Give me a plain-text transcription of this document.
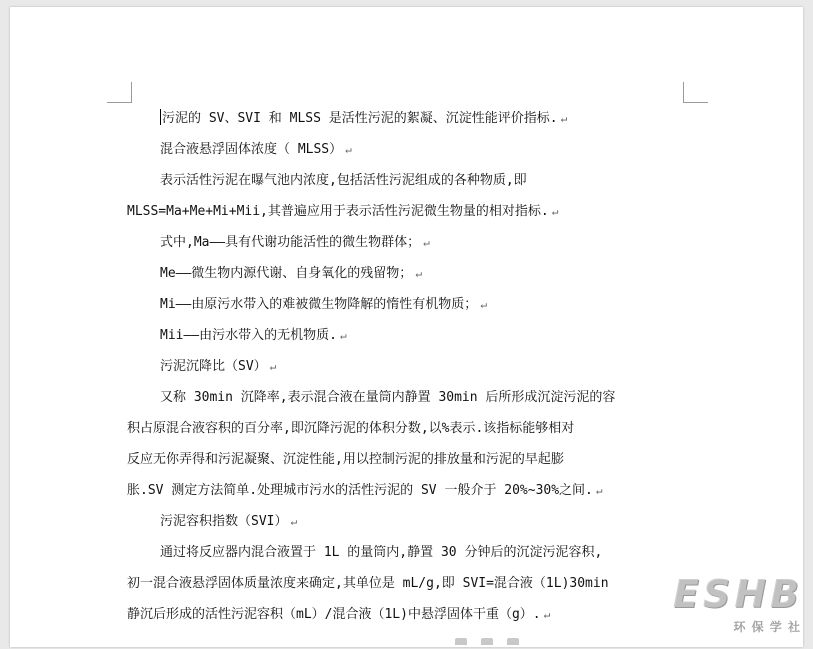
污泥的 SV、SVI 和 MLSS 是活性污泥的絮凝、沉淀性能评价指标. ↵
混合液悬浮固体浓度（ MLSS） ↵
表示活性污泥在曝气池内浓度,包括活性污泥组成的各种物质,即
MLSS=Ma+Me+Mi+Mii,其普遍应用于表示活性污泥微生物量的相对指标. ↵
式中,Ma——具有代谢功能活性的微生物群体； ↵
Me——微生物内源代谢、自身氧化的残留物； ↵
Mi——由原污水带入的难被微生物降解的惰性有机物质； ↵
Mii——由污水带入的无机物质. ↵
污泥沉降比（SV） ↵
又称 30min 沉降率,表示混合液在量筒内静置 30min 后所形成沉淀污泥的容
积占原混合液容积的百分率,即沉降污泥的体积分数,以%表示.该指标能够相对
反应无你弄得和污泥凝聚、沉淀性能,用以控制污泥的排放量和污泥的早起膨
胀.SV 测定方法简单.处理城市污水的活性污泥的 SV 一般介于 20%~30%之间. ↵
污泥容积指数（SVI） ↵
通过将反应器内混合液置于 1L 的量筒内,静置 30 分钟后的沉淀污泥容积,
初一混合液悬浮固体质量浓度来确定,其单位是 mL/g,即 SVI=混合液（1L)30min
静沉后形成的活性污泥容积（mL）/混合液（1L)中悬浮固体干重（g）. ↵	ESHB
环 保 学 社
